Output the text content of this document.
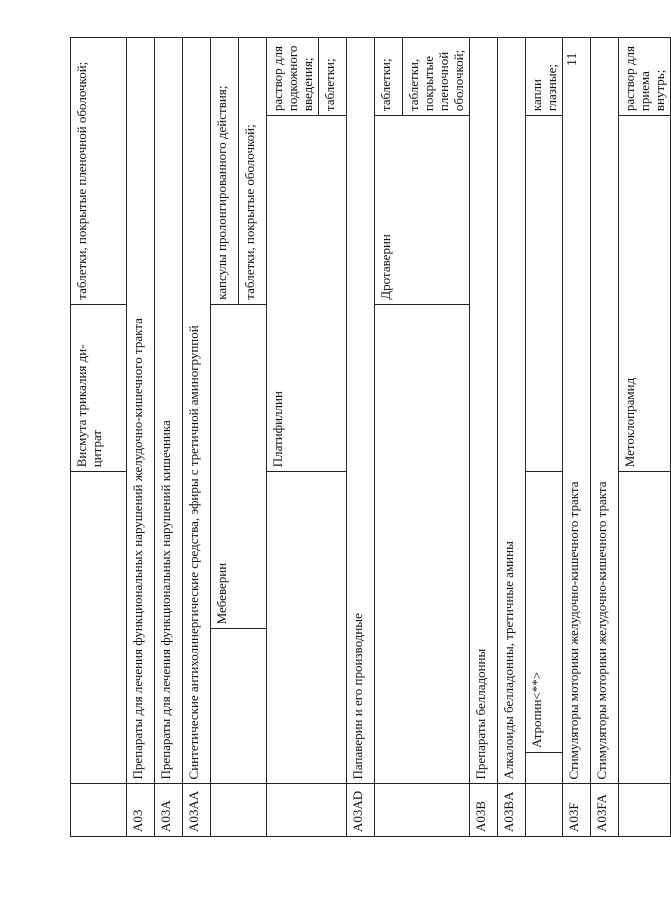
11
				Висмута трикалия ди-цитрат	таблетки, покрытые пленочной оболочкой;	
A03	Препараты для лечения функциональных нарушений желудочно-кишечного тракта					
A03A	Препараты для лечения функциональных нарушений кишечника					
A03AA	Синтетические антихолинергические средства, эфиры с третичной аминогруппой					
			Мебеверин		капсулы пролонгированного действия;	
					таблетки, покрытые оболочкой;	
				Платифиллин		раствор для подкожного введения;
						таблетки;
A03AD	Папаверин и его производные					
					Дротаверин	таблетки;
						таблетки, покрытые пленочной оболочкой;
A03B	Препараты белладонны					
A03BA	Алкалоиды белладонны, третичные амины					
		Атропин<**>				капли глазные;
A03F	Стимуляторы моторики желудочно-кишечного тракта					
A03FA	Стимуляторы моторики желудочно-кишечного тракта					
				Метоклопрамид		раствор для приема внутрь;
